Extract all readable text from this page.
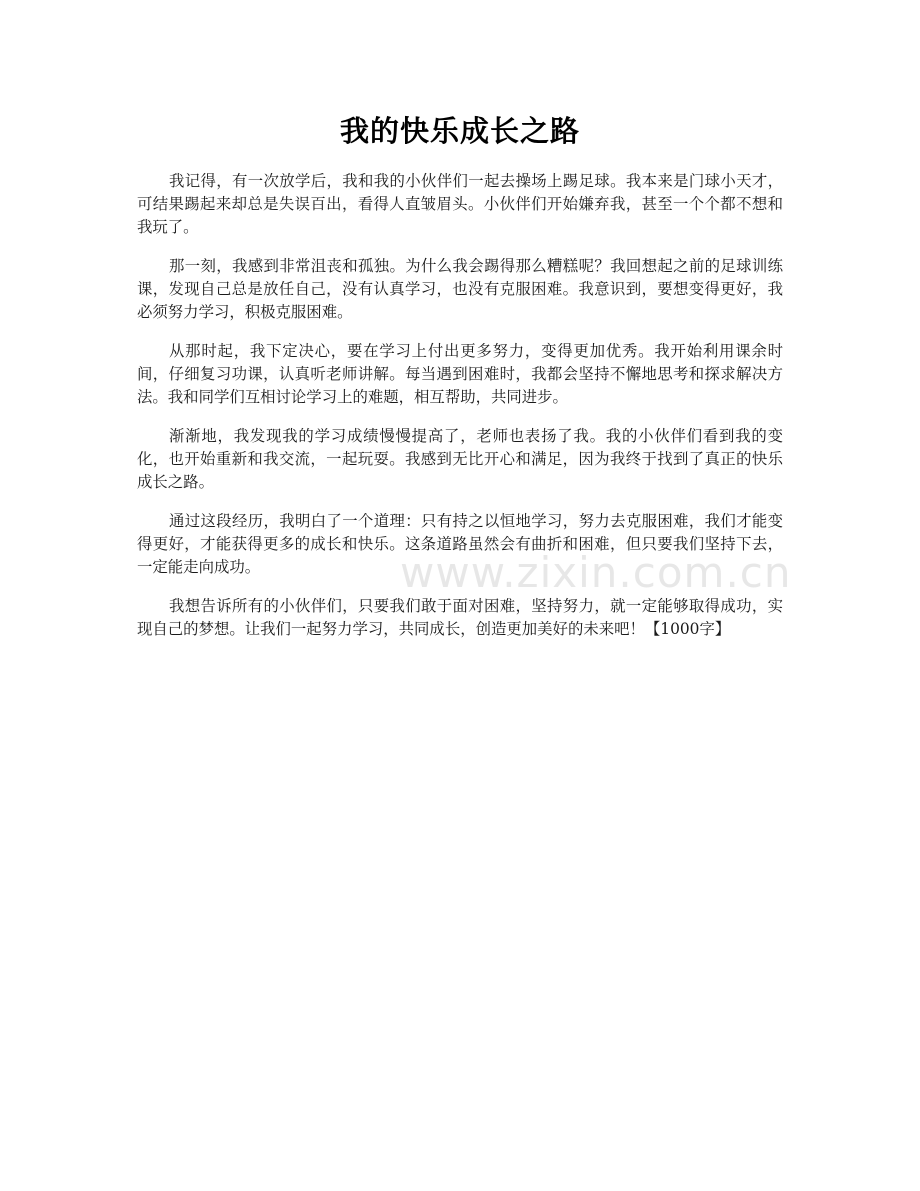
我的快乐成长之路

我记得，有一次放学后，我和我的小伙伴们一起去操场上踢足球。我本来是门球小天才，可结果踢起来却总是失误百出，看得人直皱眉头。小伙伴们开始嫌弃我，甚至一个个都不想和我玩了。

那一刻，我感到非常沮丧和孤独。为什么我会踢得那么糟糕呢？我回想起之前的足球训练课，发现自己总是放任自己，没有认真学习，也没有克服困难。我意识到，要想变得更好，我必须努力学习，积极克服困难。

从那时起，我下定决心，要在学习上付出更多努力，变得更加优秀。我开始利用课余时间，仔细复习功课，认真听老师讲解。每当遇到困难时，我都会坚持不懈地思考和探求解决方法。我和同学们互相讨论学习上的难题，相互帮助，共同进步。

渐渐地，我发现我的学习成绩慢慢提高了，老师也表扬了我。我的小伙伴们看到我的变化，也开始重新和我交流，一起玩耍。我感到无比开心和满足，因为我终于找到了真正的快乐成长之路。

通过这段经历，我明白了一个道理：只有持之以恒地学习，努力去克服困难，我们才能变得更好，才能获得更多的成长和快乐。这条道路虽然会有曲折和困难，但只要我们坚持下去，一定能走向成功。

我想告诉所有的小伙伴们，只要我们敢于面对困难，坚持努力，就一定能够取得成功，实现自己的梦想。让我们一起努力学习，共同成长，创造更加美好的未来吧！【1000字】

www.zixin.com.cn
